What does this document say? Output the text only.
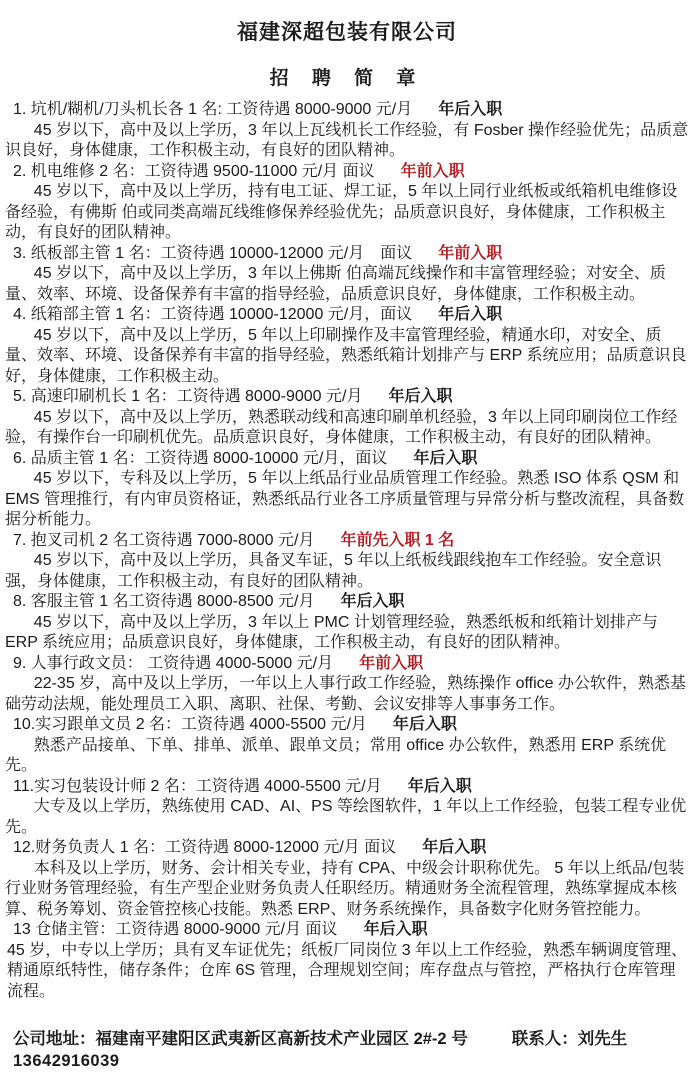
福建深超包装有限公司
招 聘 简 章

1. 坑机/糊机/刀头机长各 1 名: 工资待遇 8000-9000 元/月 年后入职

45 岁以下，高中及以上学历，3 年以上瓦线机长工作经验，有 Fosber 操作经验优先；品质意识良好，身体健康，工作积极主动，有良好的团队精神。

2. 机电维修 2 名：工资待遇 9500-11000 元/月 面议 年前入职

45 岁以下，高中及以上学历，持有电工证、焊工证，5 年以上同行业纸板或纸箱机电维修设备经验，有佛斯 伯或同类高端瓦线维修保养经验优先；品质意识良好，身体健康，工作积极主动，有良好的团队精神。

3. 纸板部主管 1 名：工资待遇 10000-12000 元/月　面议 年前入职

45 岁以下，高中及以上学历，3 年以上佛斯 伯高端瓦线操作和丰富管理经验；对安全、质量、效率、环境、设备保养有丰富的指导经验，品质意识良好，身体健康，工作积极主动。

4. 纸箱部主管 1 名：工资待遇 10000-12000 元/月，面议 年后入职

45 岁以下，高中及以上学历，5 年以上印刷操作及丰富管理经验，精通水印，对安全、质量、效率、环境、设备保养有丰富的指导经验，熟悉纸箱计划排产与 ERP 系统应用；品质意识良好，身体健康，工作积极主动。

5. 高速印刷机长 1 名：工资待遇 8000-9000 元/月 年后入职

45 岁以下，高中及以上学历，熟悉联动线和高速印刷单机经验，3 年以上同印刷岗位工作经验，有操作台一印刷机优先。品质意识良好，身体健康，工作积极主动，有良好的团队精神。

6. 品质主管 1 名：工资待遇 8000-10000 元/月，面议 年后入职

45 岁以下，专科及以上学历，5 年以上纸品行业品质管理工作经验。熟悉 ISO 体系 QSM 和 EMS 管理推行，有内审员资格证，熟悉纸品行业各工序质量管理与异常分析与整改流程，具备数据分析能力。

7. 抱叉司机 2 名工资待遇 7000-8000 元/月 年前先入职 1 名

45 岁以下，高中及以上学历，具备叉车证，5 年以上纸板线跟线抱车工作经验。安全意识强，身体健康，工作积极主动，有良好的团队精神。

8. 客服主管 1 名工资待遇 8000-8500 元/月 年后入职

45 岁以下，高中及以上学历，3 年以上 PMC 计划管理经验，熟悉纸板和纸箱计划排产与 ERP 系统应用；品质意识良好，身体健康，工作积极主动，有良好的团队精神。

9. 人事行政文员： 工资待遇 4000-5000 元/月 年前入职

22-35 岁，高中及以上学历，一年以上人事行政工作经验，熟练操作 office 办公软件，熟悉基础劳动法规，能处理员工入职、离职、社保、考勤、会议安排等人事事务工作。

10.实习跟单文员 2 名：工资待遇 4000-5500 元/月 年后入职

熟悉产品接单、下单、排单、派单、跟单文员；常用 office 办公软件，熟悉用 ERP 系统优先。

11.实习包装设计师 2 名：工资待遇 4000-5500 元/月 年后入职

大专及以上学历，熟练使用 CAD、AI、PS 等绘图软件，1 年以上工作经验，包装工程专业优先。

12.财务负责人 1 名：工资待遇 8000-12000 元/月 面议 年后入职

本科及以上学历，财务、会计相关专业，持有 CPA、中级会计职称优先。 5 年以上纸品/包装行业财务管理经验，有生产型企业财务负责人任职经历。精通财务全流程管理，熟练掌握成本核算、税务筹划、资金管控核心技能。熟悉 ERP、财务系统操作，具备数字化财务管控能力。

13 仓储主管：工资待遇 8000-9000 元/月 面议 年后入职

45 岁，中专以上学历；具有叉车证优先；纸板厂同岗位 3 年以上工作经验，熟悉车辆调度管理、精通原纸特性，储存条件；仓库 6S 管理，合理规划空间；库存盘点与管控，严格执行仓库管理流程。

公司地址：福建南平建阳区武夷新区高新技术产业园区 2#-2 号	联系人：刘先生 13642916039
